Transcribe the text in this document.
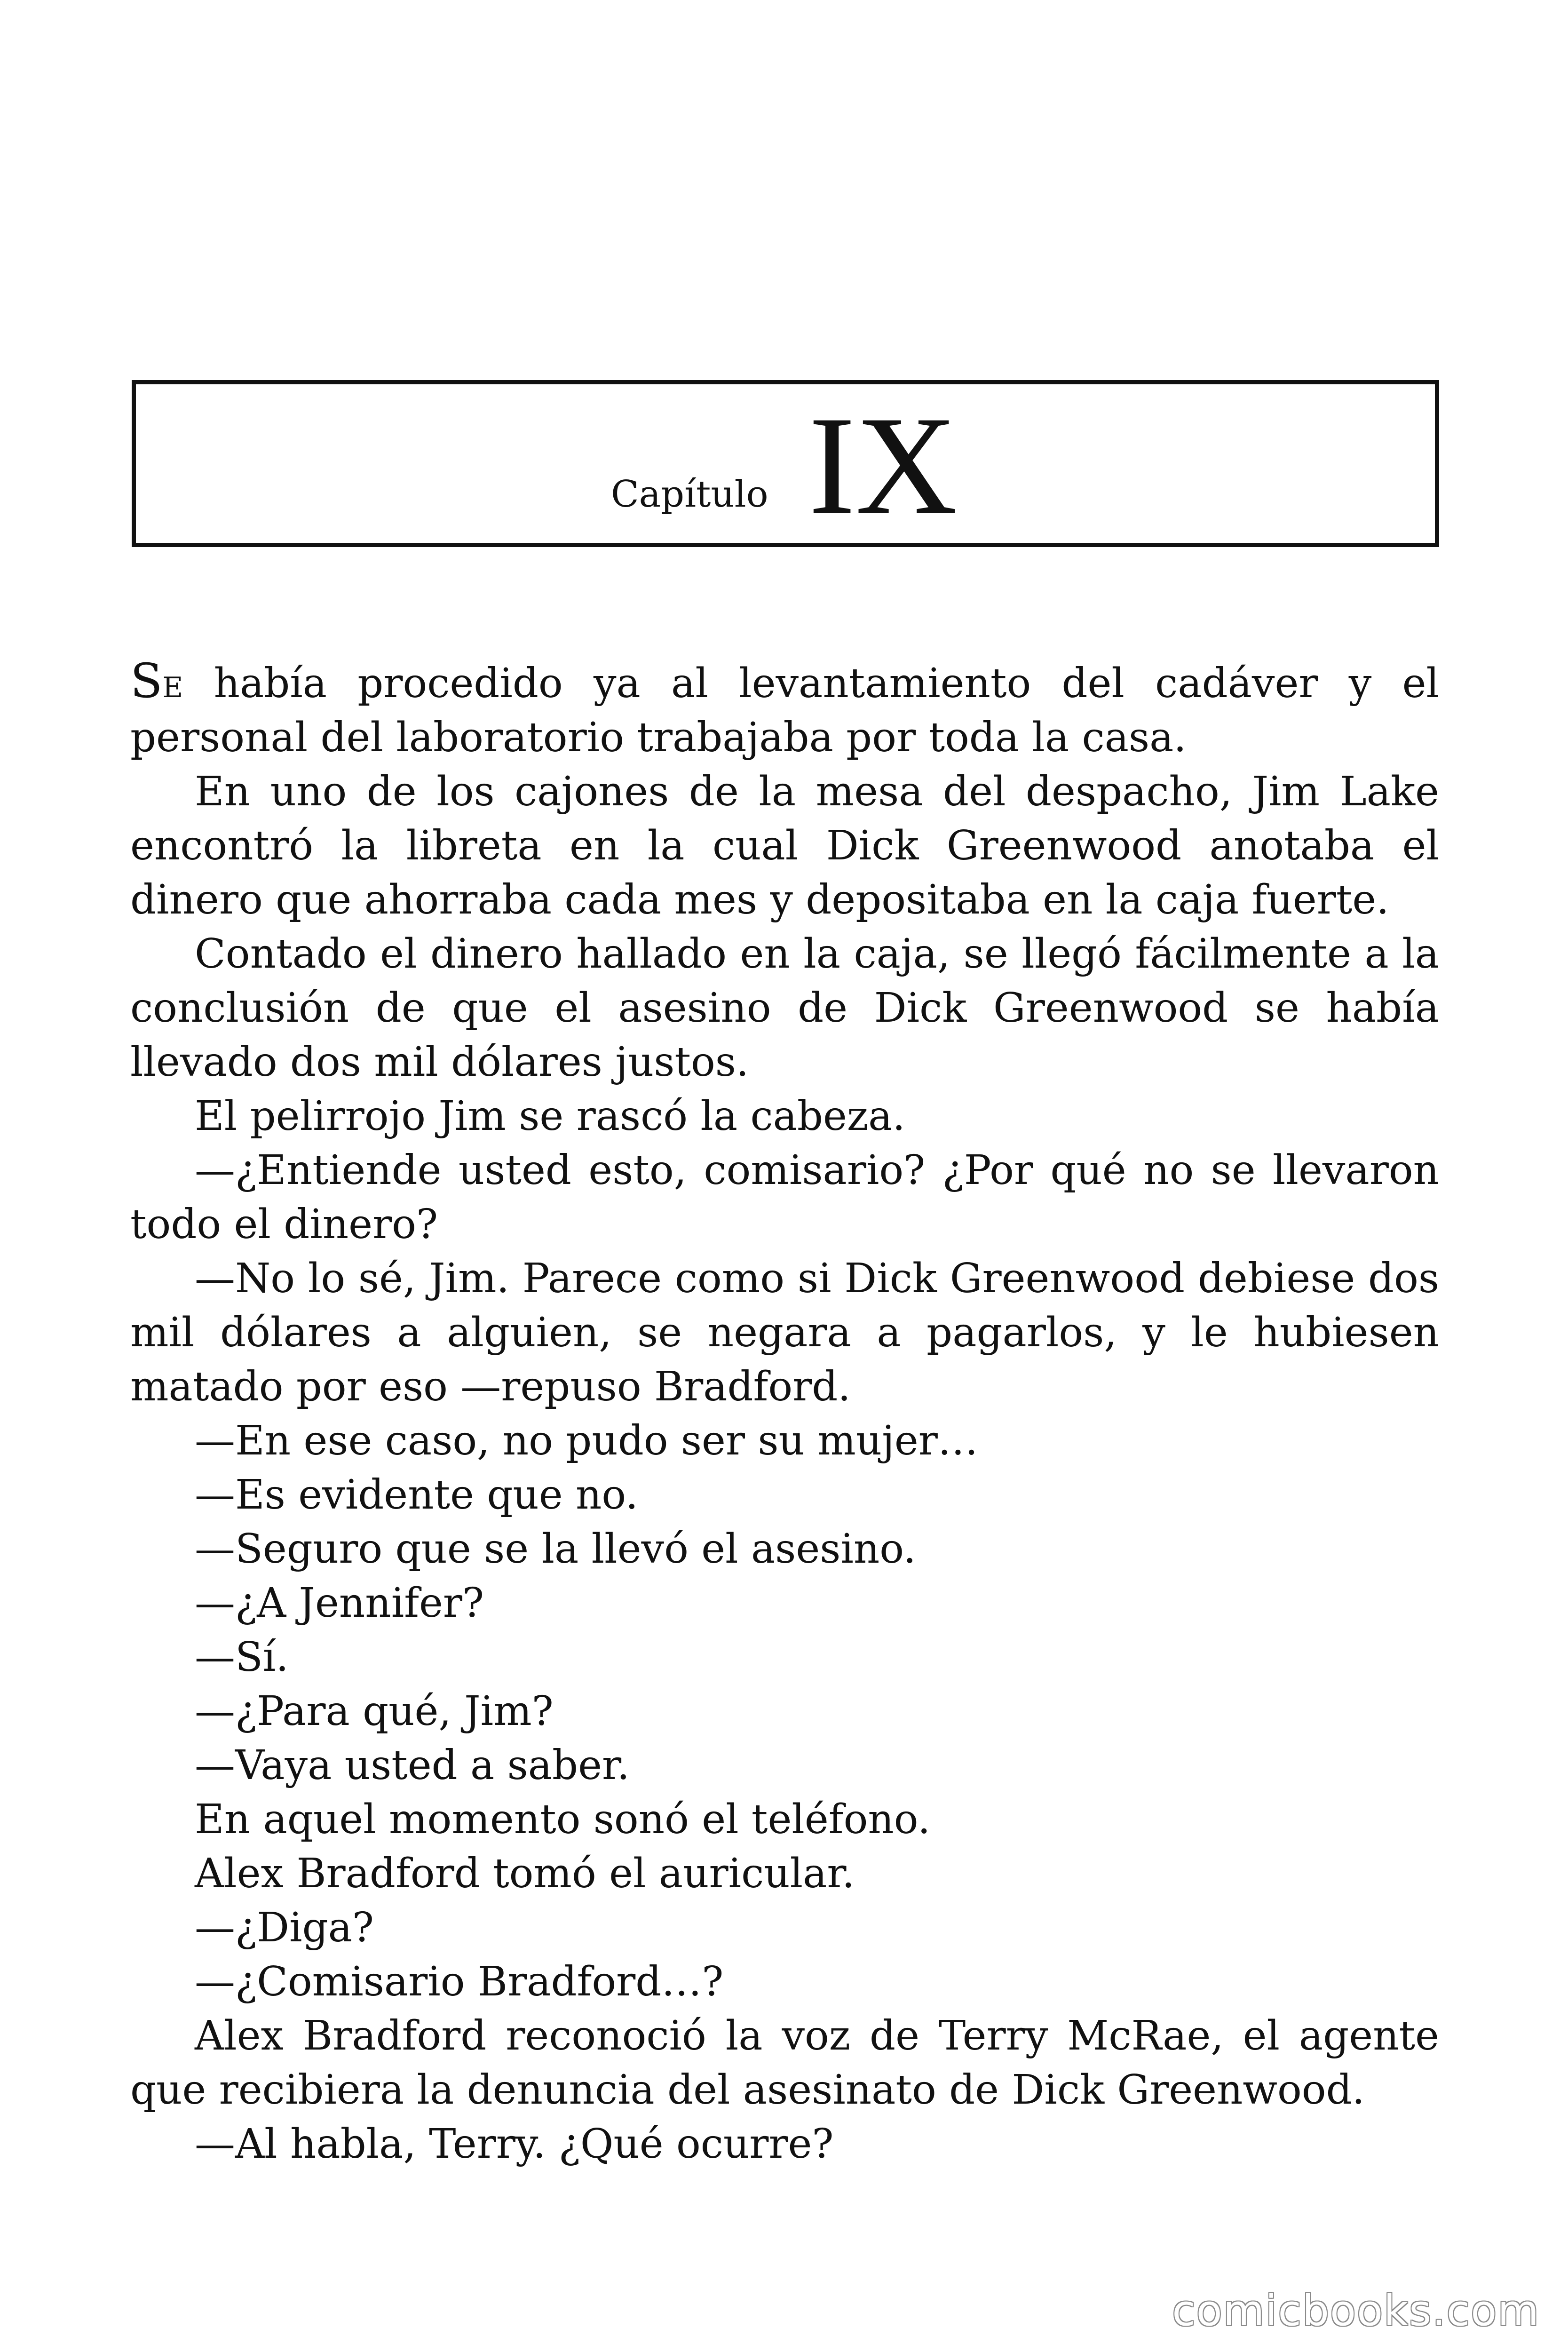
Capítulo IX

Se había procedido ya al levantamiento del cadáver y el personal del laboratorio trabajaba por toda la casa.

En uno de los cajones de la mesa del despacho, Jim Lake encontró la libreta en la cual Dick Greenwood anotaba el dinero que ahorraba cada mes y depositaba en la caja fuerte.

Contado el dinero hallado en la caja, se llegó fácilmente a la conclusión de que el asesino de Dick Greenwood se había llevado dos mil dólares justos.

El pelirrojo Jim se rascó la cabeza.

—¿Entiende usted esto, comisario? ¿Por qué no se llevaron todo el dinero?

—No lo sé, Jim. Parece como si Dick Greenwood debiese dos mil dólares a alguien, se negara a pagarlos, y le hubiesen matado por eso —repuso Bradford.

—En ese caso, no pudo ser su mujer…

—Es evidente que no.

—Seguro que se la llevó el asesino.

—¿A Jennifer?

—Sí.

—¿Para qué, Jim?

—Vaya usted a saber.

En aquel momento sonó el teléfono.

Alex Bradford tomó el auricular.

—¿Diga?

—¿Comisario Bradford…?

Alex Bradford reconoció la voz de Terry McRae, el agente que recibiera la denuncia del asesinato de Dick Greenwood.

—Al habla, Terry. ¿Qué ocurre?

comicbooks.com
